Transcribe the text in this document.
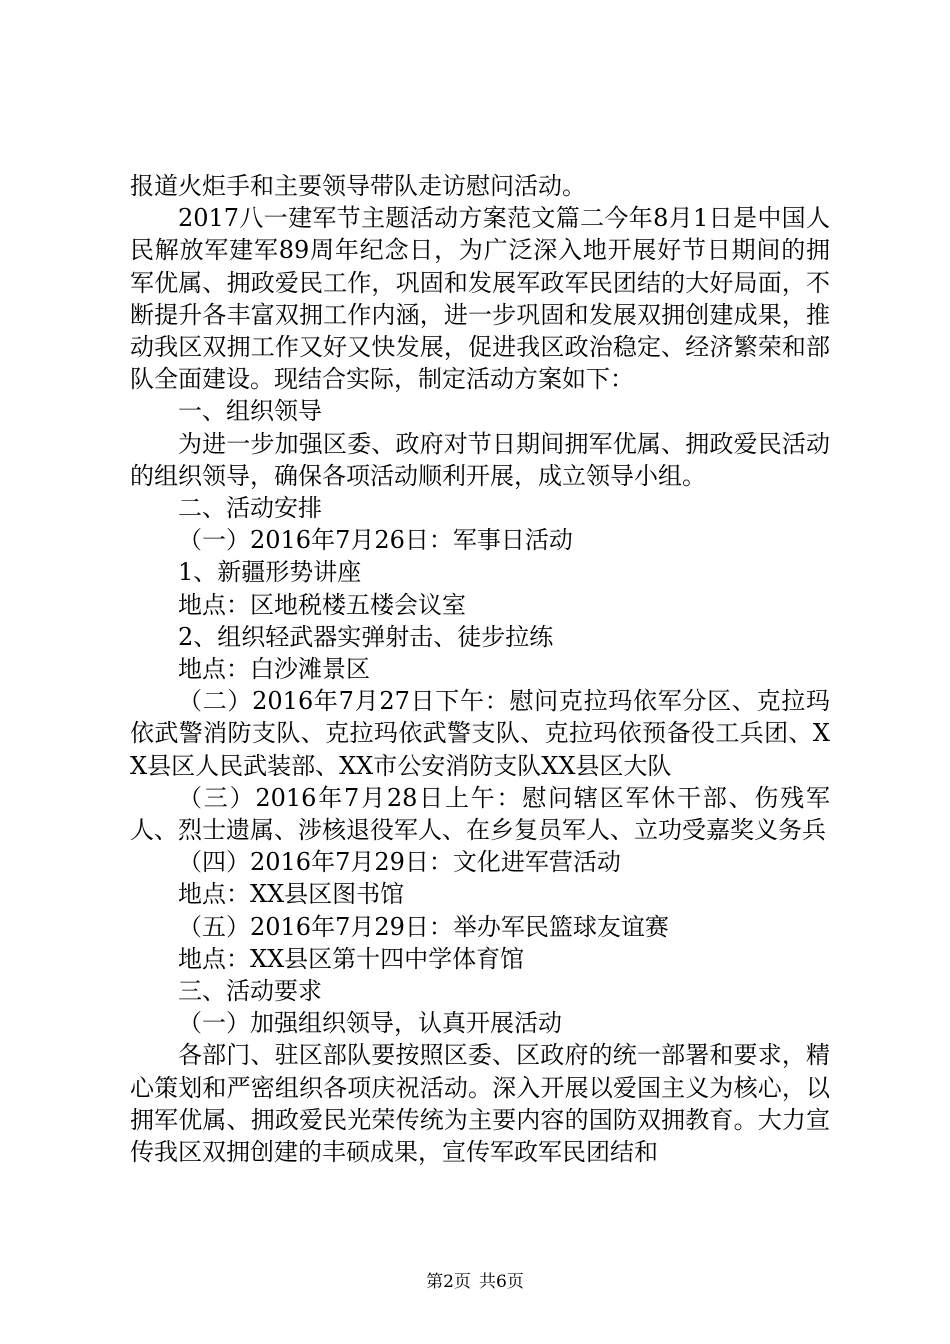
报道火炬手和主要领导带队走访慰问活动。

2017八一建军节主题活动方案范文篇二今年8月1日是中国人民解放军建军89周年纪念日，为广泛深入地开展好节日期间的拥军优属、拥政爱民工作，巩固和发展军政军民团结的大好局面，不断提升各丰富双拥工作内涵，进一步巩固和发展双拥创建成果，推动我区双拥工作又好又快发展，促进我区政治稳定、经济繁荣和部队全面建设。现结合实际，制定活动方案如下：

一、组织领导

为进一步加强区委、政府对节日期间拥军优属、拥政爱民活动的组织领导，确保各项活动顺利开展，成立领导小组。

二、活动安排

（一）2016年7月26日：军事日活动

1、新疆形势讲座

地点：区地税楼五楼会议室

2、组织轻武器实弹射击、徒步拉练

地点：白沙滩景区

（二）2016年7月27日下午：慰问克拉玛依军分区、克拉玛依武警消防支队、克拉玛依武警支队、克拉玛依预备役工兵团、XX县区人民武装部、XX市公安消防支队XX县区大队

（三）2016年7月28日上午：慰问辖区军休干部、伤残军人、烈士遗属、涉核退役军人、在乡复员军人、立功受嘉奖义务兵

（四）2016年7月29日：文化进军营活动

地点：XX县区图书馆

（五）2016年7月29日：举办军民篮球友谊赛

地点：XX县区第十四中学体育馆

三、活动要求

（一）加强组织领导，认真开展活动

各部门、驻区部队要按照区委、区政府的统一部署和要求，精心策划和严密组织各项庆祝活动。深入开展以爱国主义为核心，以拥军优属、拥政爱民光荣传统为主要内容的国防双拥教育。大力宣传我区双拥创建的丰硕成果，宣传军政军民团结和

第2页 共6页
